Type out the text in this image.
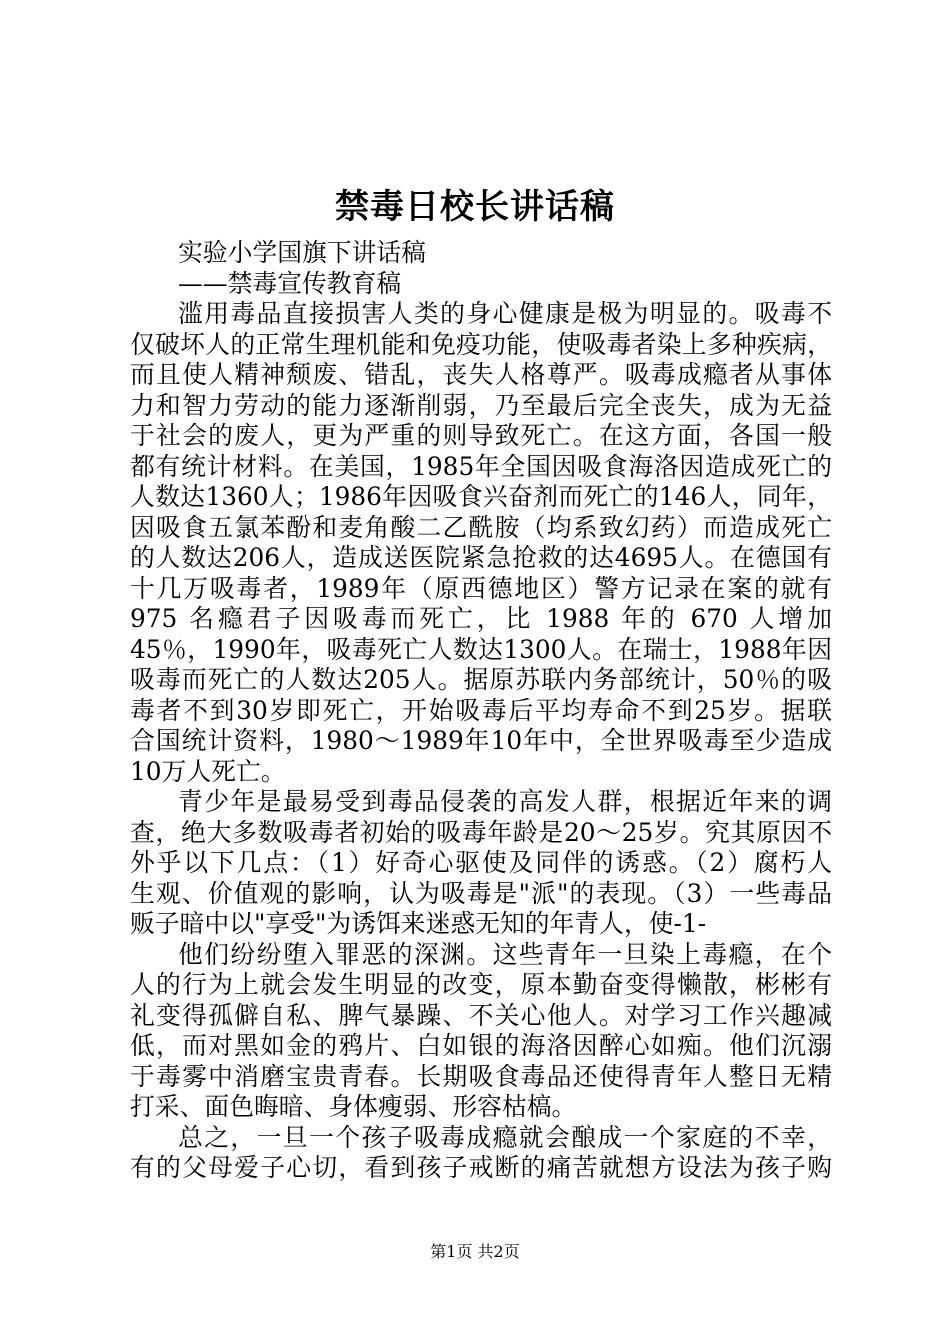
禁毒日校长讲话稿
实验小学国旗下讲话稿
——禁毒宣传教育稿
滥用毒品直接损害人类的身心健康是极为明显的。吸毒不
仅破坏人的正常生理机能和免疫功能，使吸毒者染上多种疾病，
而且使人精神颓废、错乱，丧失人格尊严。吸毒成瘾者从事体
力和智力劳动的能力逐渐削弱，乃至最后完全丧失，成为无益
于社会的废人，更为严重的则导致死亡。在这方面，各国一般
都有统计材料。在美国，1985年全国因吸食海洛因造成死亡的
人数达1360人；1986年因吸食兴奋剂而死亡的146人，同年，
因吸食五氯苯酚和麦角酸二乙酰胺（均系致幻药）而造成死亡
的人数达206人，造成送医院紧急抢救的达4695人。在德国有
十几万吸毒者，1989年（原西德地区）警方记录在案的就有
975 名瘾君子因吸毒而死亡，比 1988 年的 670 人增加
45％，1990年，吸毒死亡人数达1300人。在瑞士，1988年因
吸毒而死亡的人数达205人。据原苏联内务部统计，50％的吸
毒者不到30岁即死亡，开始吸毒后平均寿命不到25岁。据联
合国统计资料，1980～1989年10年中，全世界吸毒至少造成
10万人死亡。
青少年是最易受到毒品侵袭的高发人群，根据近年来的调
查，绝大多数吸毒者初始的吸毒年龄是20～25岁。究其原因不
外乎以下几点：（1）好奇心驱使及同伴的诱惑。（2）腐朽人
生观、价值观的影响，认为吸毒是"派"的表现。（3）一些毒品
贩子暗中以"享受"为诱饵来迷惑无知的年青人，使-1-
他们纷纷堕入罪恶的深渊。这些青年一旦染上毒瘾，在个
人的行为上就会发生明显的改变，原本勤奋变得懒散，彬彬有
礼变得孤僻自私、脾气暴躁、不关心他人。对学习工作兴趣减
低，而对黑如金的鸦片、白如银的海洛因醉心如痴。他们沉溺
于毒雾中消磨宝贵青春。长期吸食毒品还使得青年人整日无精
打采、面色晦暗、身体瘦弱、形容枯槁。
总之，一旦一个孩子吸毒成瘾就会酿成一个家庭的不幸，
有的父母爱子心切，看到孩子戒断的痛苦就想方设法为孩子购
第1页 共2页
